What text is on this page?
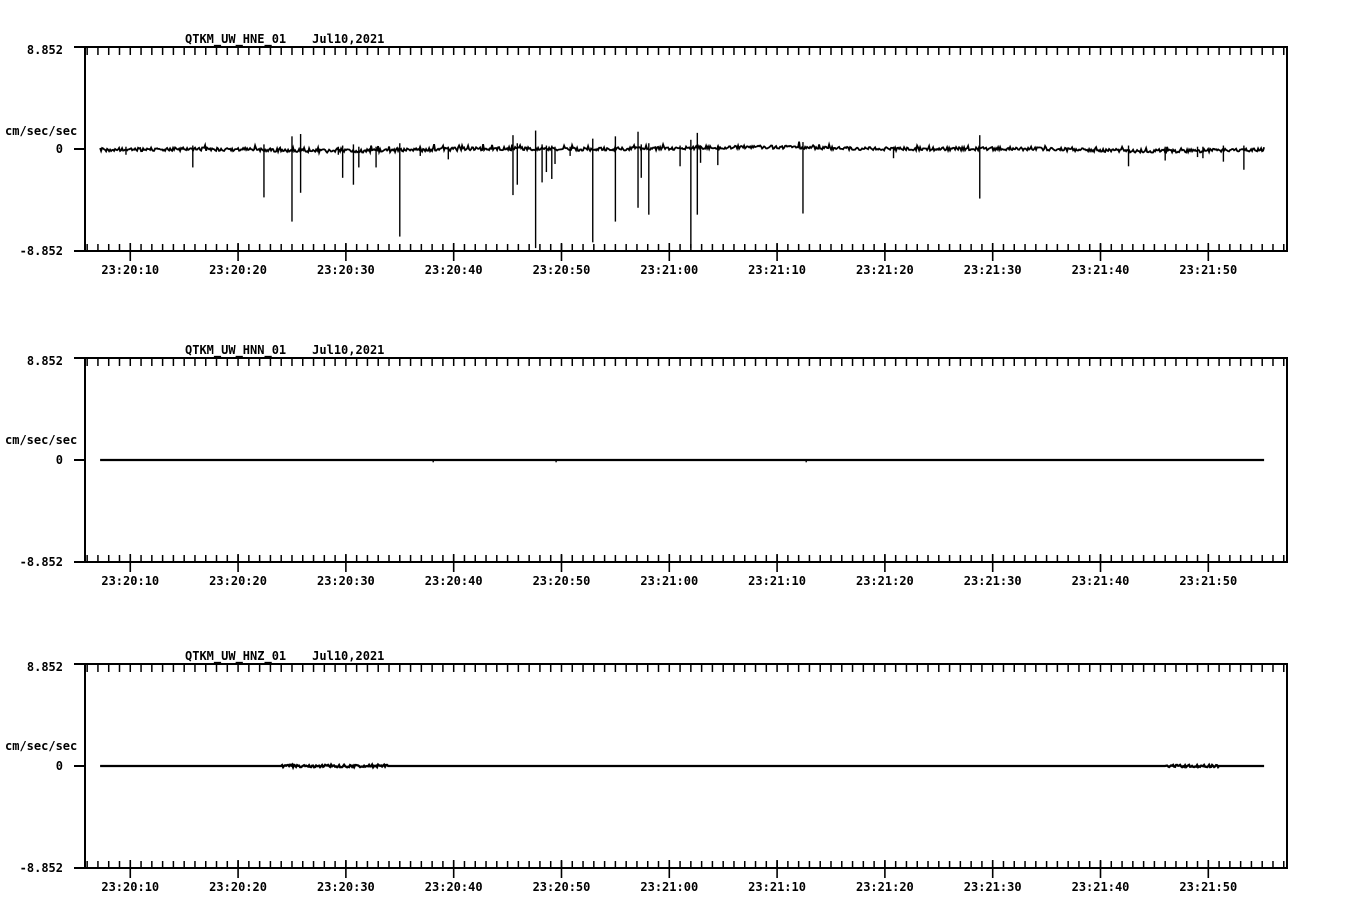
QTKM_UW_HNE_01 Jul10,2021
8.852
cm/sec/sec
0
-8.852
QTKM_UW_HNN_01 Jul10,2021
8.852
cm/sec/sec
0
-8.852
QTKM_UW_HNZ_01 Jul10,2021
8.852
cm/sec/sec
0
-8.852
23:20:10	23:20:20	23:20:30	23:20:40	23:20:50	23:21:00	23:21:10	23:21:20	23:21:30	23:21:40	23:21:50
23:20:10	23:20:20	23:20:30	23:20:40	23:20:50	23:21:00	23:21:10	23:21:20	23:21:30	23:21:40	23:21:50
23:20:10	23:20:20	23:20:30	23:20:40	23:20:50	23:21:00	23:21:10	23:21:20	23:21:30	23:21:40	23:21:50
